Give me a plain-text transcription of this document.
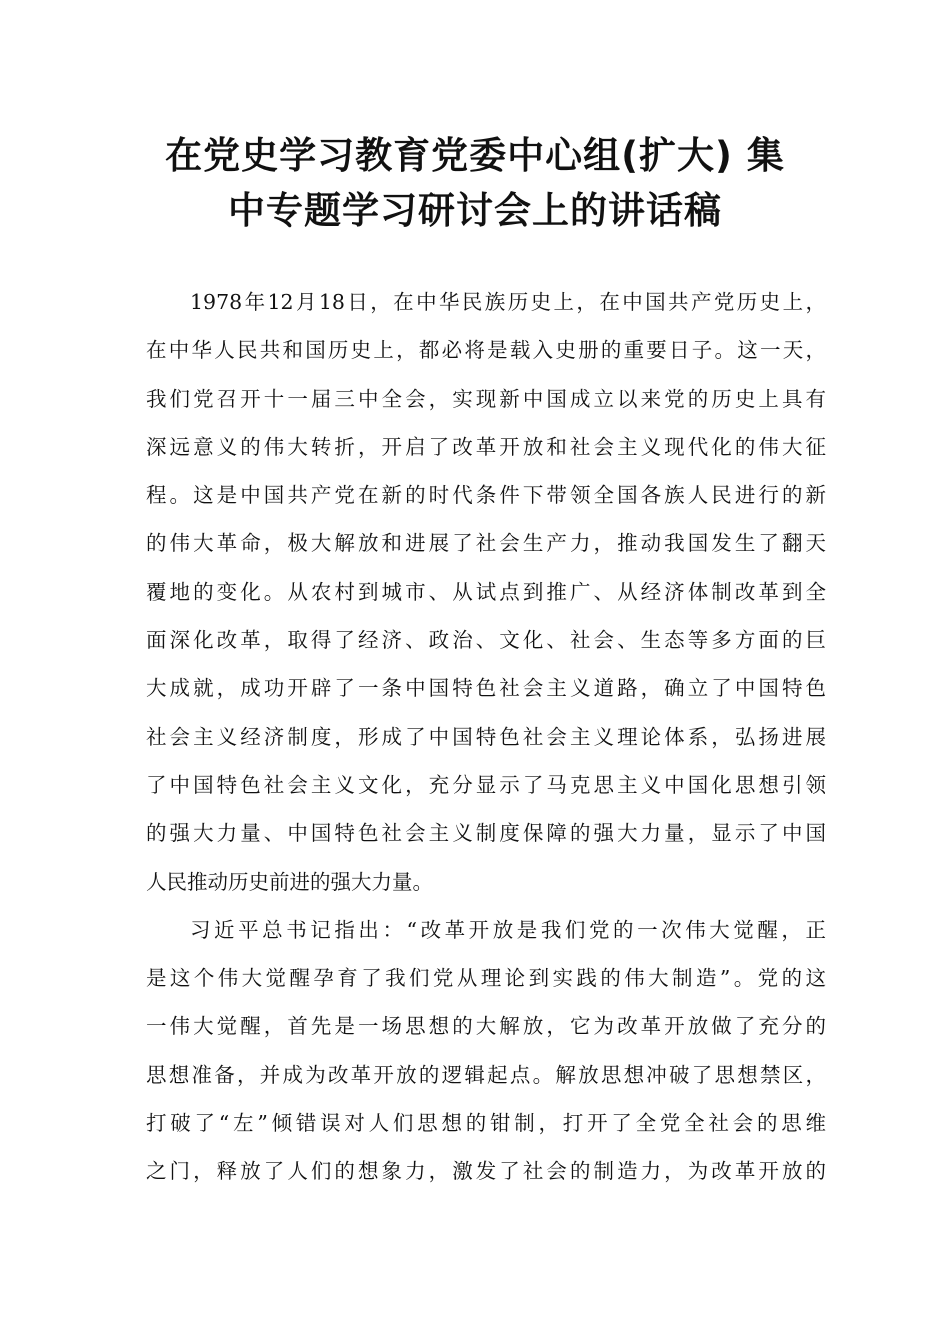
在党史学习教育党委中心组(扩大) 集
中专题学习研讨会上的讲话稿
1978年12月18日，在中华民族历史上，在中国共产党历史上，
在中华人民共和国历史上，都必将是载入史册的重要日子。这一天，
我们党召开十一届三中全会，实现新中国成立以来党的历史上具有
深远意义的伟大转折，开启了改革开放和社会主义现代化的伟大征
程。这是中国共产党在新的时代条件下带领全国各族人民进行的新
的伟大革命，极大解放和进展了社会生产力，推动我国发生了翻天
覆地的变化。从农村到城市、从试点到推广、从经济体制改革到全
面深化改革，取得了经济、政治、文化、社会、生态等多方面的巨
大成就，成功开辟了一条中国特色社会主义道路，确立了中国特色
社会主义经济制度，形成了中国特色社会主义理论体系，弘扬进展
了中国特色社会主义文化，充分显示了马克思主义中国化思想引领
的强大力量、中国特色社会主义制度保障的强大力量，显示了中国
人民推动历史前进的强大力量。
习近平总书记指出：“改革开放是我们党的一次伟大觉醒，正
是这个伟大觉醒孕育了我们党从理论到实践的伟大制造”。党的这
一伟大觉醒，首先是一场思想的大解放，它为改革开放做了充分的
思想准备，并成为改革开放的逻辑起点。解放思想冲破了思想禁区，
打破了“左”倾错误对人们思想的钳制，打开了全党全社会的思维
之门，释放了人们的想象力，激发了社会的制造力，为改革开放的
